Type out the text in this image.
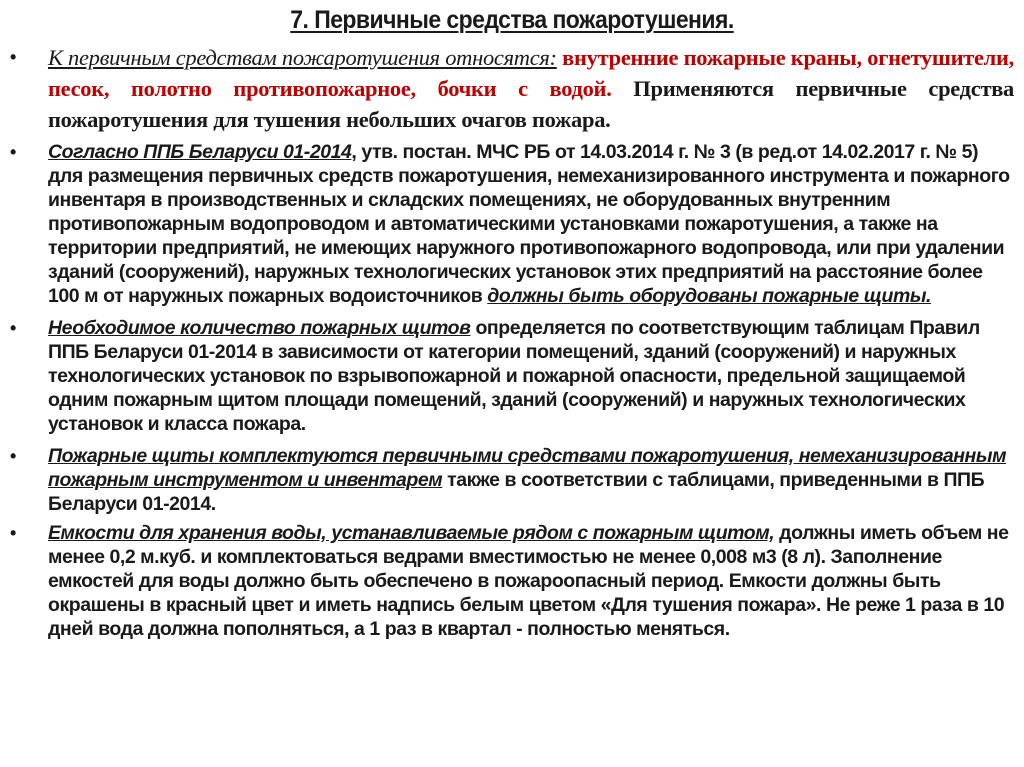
7. Первичные средства пожаротушения.
• К первичным средствам пожаротушения относятся: внутренние пожарные краны, огнетушители, песок, полотно противопожарное, бочки с водой. Применяются первичные средства пожаротушения для тушения небольших очагов пожара.
• Согласно ППБ Беларуси 01-2014, утв. постан. МЧС РБ от 14.03.2014 г. № 3 (в ред.от 14.02.2017 г. № 5) для размещения первичных средств пожаротушения, немеханизированного инструмента и пожарного инвентаря в производственных и складских помещениях, не оборудованных внутренним противопожарным водопроводом и автоматическими установками пожаротушения, а также на территории предприятий, не имеющих наружного противопожарного водопровода, или при удалении зданий (сооружений), наружных технологических установок этих предприятий на расстояние более 100 м от наружных пожарных водоисточников должны быть оборудованы пожарные щиты.
• Необходимое количество пожарных щитов определяется по соответствующим таблицам Правил ППБ Беларуси 01-2014 в зависимости от категории помещений, зданий (сооружений) и наружных технологических установок по взрывопожарной и пожарной опасности, предельной защищаемой одним пожарным щитом площади помещений, зданий (сооружений) и наружных технологических установок и класса пожара.
• Пожарные щиты комплектуются первичными средствами пожаротушения, немеханизированным пожарным инструментом и инвентарем также в соответствии с таблицами, приведенными в ППБ Беларуси 01-2014.
• Емкости для хранения воды, устанавливаемые рядом с пожарным щитом, должны иметь объем не менее 0,2 м.куб. и комплектоваться ведрами вместимостью не менее 0,008 м3 (8 л). Заполнение емкостей для воды должно быть обеспечено в пожароопасный период. Емкости должны быть окрашены в красный цвет и иметь надпись белым цветом «Для тушения пожара». Не реже 1 раза в 10 дней вода должна пополняться, а 1 раз в квартал - полностью меняться.
